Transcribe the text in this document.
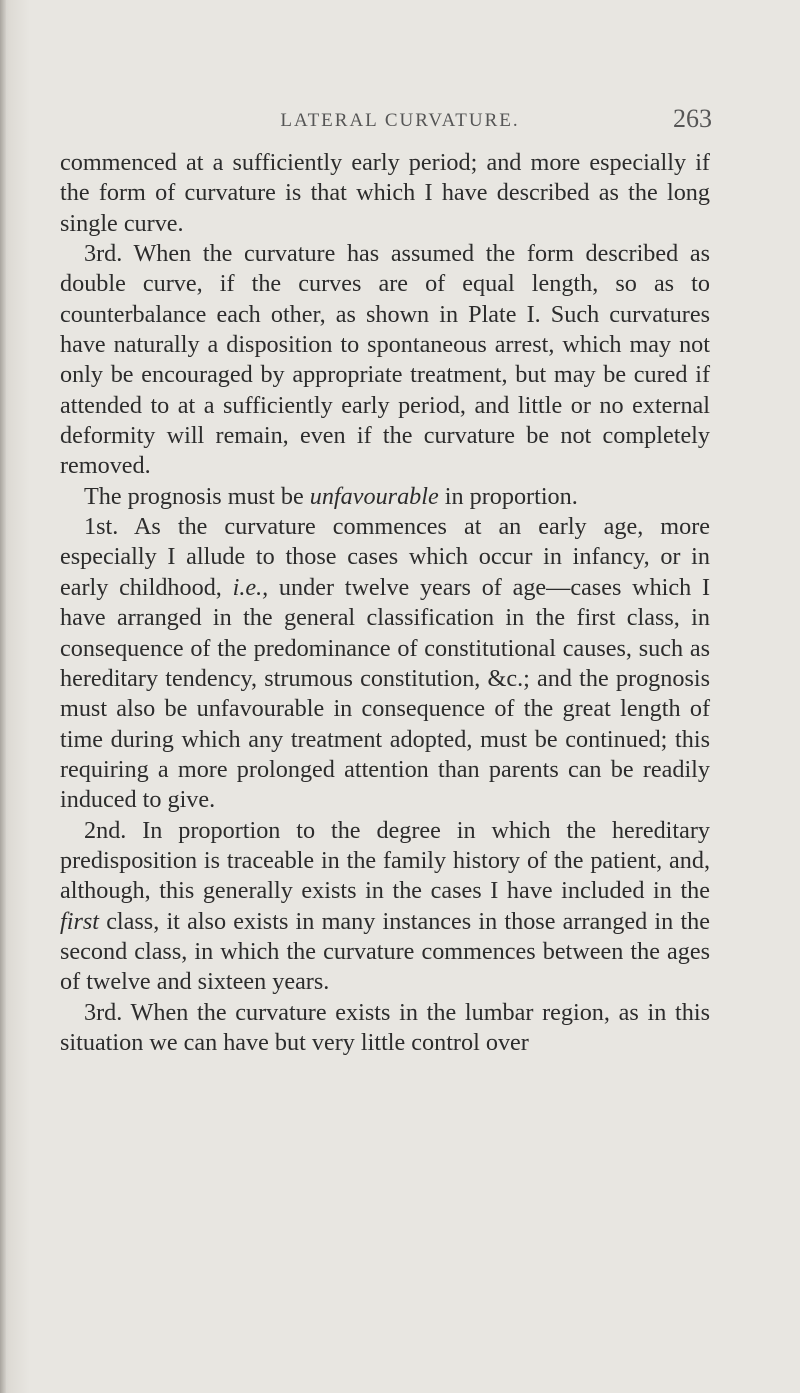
LATERAL CURVATURE.	263

commenced at a sufficiently early period; and more especially if the form of curvature is that which I have described as the long single curve.

3rd. When the curvature has assumed the form described as double curve, if the curves are of equal length, so as to counterbalance each other, as shown in Plate I. Such curvatures have naturally a disposition to spontaneous arrest, which may not only be encouraged by appropriate treatment, but may be cured if attended to at a sufficiently early period, and little or no external deformity will remain, even if the curvature be not completely removed.

The prognosis must be unfavourable in proportion.

1st. As the curvature commences at an early age, more especially I allude to those cases which occur in infancy, or in early childhood, i.e., under twelve years of age—cases which I have arranged in the general classification in the first class, in consequence of the predominance of constitutional causes, such as hereditary tendency, strumous constitution, &c.; and the prognosis must also be unfavourable in consequence of the great length of time during which any treatment adopted, must be continued; this requiring a more prolonged attention than parents can be readily induced to give.

2nd. In proportion to the degree in which the hereditary predisposition is traceable in the family history of the patient, and, although, this generally exists in the cases I have included in the first class, it also exists in many instances in those arranged in the second class, in which the curvature commences between the ages of twelve and sixteen years.

3rd. When the curvature exists in the lumbar region, as in this situation we can have but very little control over
